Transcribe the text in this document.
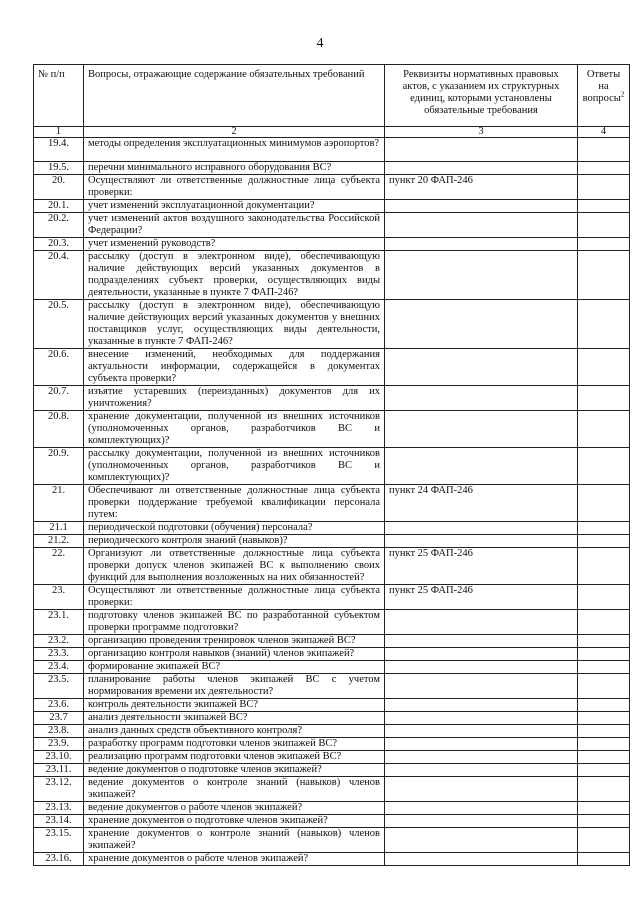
4
№ п/п	Вопросы, отражающие содержание обязательных требований	Реквизиты нормативных правовых актов, с указанием их структурных единиц, которыми установлены обязательные требования	Ответы на вопросы$^2$
1	2	3	4
19.4.	методы определения эксплуатационных минимумов аэропортов?		
19.5.	перечни минимального исправного оборудования ВС?		
20.	Осуществляют ли ответственные должностные лица субъекта проверки:	пункт 20 ФАП-246	
20.1.	учет изменений эксплуатационной документации?		
20.2.	учет изменений актов воздушного законодательства Российской Федерации?		
20.3.	учет изменений руководств?		
20.4.	рассылку (доступ в электронном виде), обеспечивающую наличие действующих версий указанных документов в подразделениях субъект проверки, осуществляющих виды деятельности, указанные в пункте 7 ФАП-246?		
20.5.	рассылку (доступ в электронном виде), обеспечивающую наличие действующих версий указанных документов у внешних поставщиков услуг, осуществляющих виды деятельности, указанные в пункте 7 ФАП-246?		
20.6.	внесение изменений, необходимых для поддержания актуальности информации, содержащейся в документах субъекта проверки?		
20.7.	изъятие устаревших (переизданных) документов для их уничтожения?		
20.8.	хранение документации, полученной из внешних источников (уполномоченных органов, разработчиков ВС и комплектующих)?		
20.9.	рассылку документации, полученной из внешних источников (уполномоченных органов, разработчиков ВС и комплектующих)?		
21.	Обеспечивают ли ответственные должностные лица субъекта проверки поддержание требуемой квалификации персонала путем:	пункт 24 ФАП-246	
21.1	периодической подготовки (обучения) персонала?		
21.2.	периодического контроля знаний (навыков)?		
22.	Организуют ли ответственные должностные лица субъекта проверки допуск членов экипажей ВС к выполнению своих функций для выполнения возложенных на них обязанностей?	пункт 25 ФАП-246	
23.	Осуществляют ли ответственные должностные лица субъекта проверки:	пункт 25 ФАП-246	
23.1.	подготовку членов экипажей ВС по разработанной субъектом проверки программе подготовки?		
23.2.	организацию проведения тренировок членов экипажей ВС?		
23.3.	организацию контроля навыков (знаний) членов экипажей?		
23.4.	формирование экипажей ВС?		
23.5.	планирование работы членов экипажей ВС с учетом нормирования времени их деятельности?		
23.6.	контроль деятельности экипажей ВС?		
23.7	анализ деятельности экипажей ВС?		
23.8.	анализ данных средств объективного контроля?		
23.9.	разработку программ подготовки членов экипажей ВС?		
23.10.	реализацию программ подготовки членов экипажей ВС?		
23.11.	ведение документов о подготовке членов экипажей?		
23.12.	ведение документов о контроле знаний (навыков) членов экипажей?		
23.13.	ведение документов о работе членов экипажей?		
23.14.	хранение документов о подготовке членов экипажей?		
23.15.	хранение документов о контроле знаний (навыков) членов экипажей?		
23.16.	хранение документов о работе членов экипажей?		
